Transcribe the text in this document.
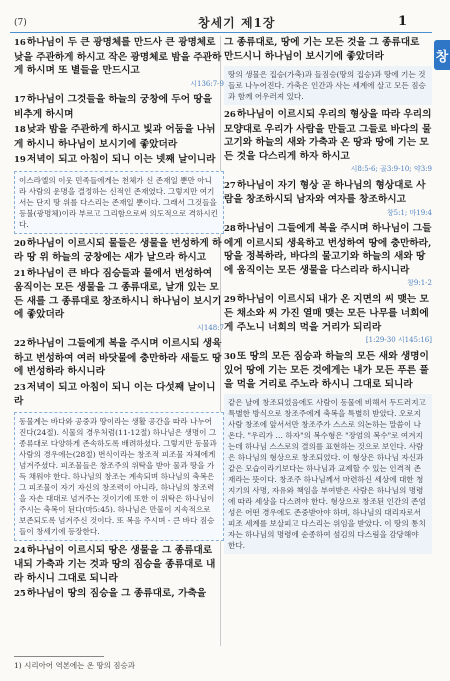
(7)	창세기 제1장	1
창

16하나님이 두 큰 광명체를 만드사 큰 광명체로 낮을 주관하게 하시고 작은 광명체로 밤을 주관하게 하시며 또 별들을 만드시고
시136:7-9

17하나님이 그것들을 하늘의 궁창에 두어 땅을 비추게 하시며

18낮과 밤을 주관하게 하시고 빛과 어둠을 나뉘게 하시니 하나님이 보시기에 좋았더라

19저녁이 되고 아침이 되니 이는 넷째 날이니라

이스라엘의 이웃 민족들에게는 천체가 신 존재일 뿐만 아니라 사람의 운명을 결정하는 신적인 존재였다. 그렇지만 여기서는 단지 땅 위를 다스리는 존재일 뿐이다. 그래서 그것들을 등불(광명체)이라 부르고 그리함으로써 의도적으로 격하시킨다.

20하나님이 이르시되 물들은 생물을 번성하게 하라 땅 위 하늘의 궁창에는 새가 날으라 하시고

21하나님이 큰 바다 짐승들과 물에서 번성하여 움직이는 모든 생물을 그 종류대로, 날개 있는 모든 새를 그 종류대로 창조하시니 하나님이 보시기에 좋았더라
시148:7

22하나님이 그들에게 복을 주시며 이르시되 생육하고 번성하여 여러 바닷물에 충만하라 새들도 땅에 번성하라 하시니라

23저녁이 되고 아침이 되니 이는 다섯째 날이니라

동물계는 바다와 공중과 땅이라는 생활 공간을 따라 나누어진다(24절). 식물의 경우처럼(11-12절) 하나님은 생명이 그 종류대로 다양하게 존속하도록 배려하셨다. 그렇지만 동물과 사람의 경우에는(28절) 번식이라는 창조적 피조물 자체에게 넘겨주셨다. 피조물들은 창조주의 위탁을 받아 물과 땅을 가득 채워야 한다. 하나님의 창조는 계속되며 하나님의 축복은 그 피조물이 자기 자신의 창조력이 아니라, 하나님의 창조력을 자손 대대로 넘겨주는 것이기에 또한 이 위탁은 하나님이 주시는 축복이 된다(마5:45). 하나님은 만물이 지속적으로 보존되도록 넘겨주신 것이다. 또 복음 주시며 - 큰 바다 짐승들이 창세기에 등장한다.

24하나님이 이르시되 땅은 생물을 그 종류대로 내되 가축과 기는 것과 땅의 짐승을 종류대로 내라 하시니 그대로 되니라

25하나님이 땅의 짐승을 그 종류대로, 가축을

그 종류대로, 땅에 기는 모든 것을 그 종류대로 만드시니 하나님이 보시기에 좋았더라

땅의 생물은 집승(가축)과 들짐승(땅의 집승)과 땅에 기는 것들로 나누어진다. 가축은 인간과 사는 세계에 살고 모든 짐승과 함께 어우러져 있다.

26하나님이 이르시되 우리의 형상을 따라 우리의 모양대로 우리가 사람을 만들고 그들로 바다의 물고기와 하늘의 새와 가축과 온 땅과 땅에 기는 모든 것을 다스리게 하자 하시고
시8:5-6; 골3:9-10; 약3:9

27하나님이 자기 형상 곧 하나님의 형상대로 사람을 창조하시되 남자와 여자를 창조하시고
창5:1; 마19:4

28하나님이 그들에게 복을 주시며 하나님이 그들에게 이르시되 생육하고 번성하여 땅에 충만하라, 땅을 정복하라, 바다의 물고기와 하늘의 새와 땅에 움직이는 모든 생물을 다스리라 하시니라
창9:1-2

29하나님이 이르시되 내가 온 지면의 씨 맺는 모든 채소와 씨 가진 열매 맺는 모든 나무를 너희에게 주노니 너희의 먹을 거리가 되리라
[1:29-30 시145:16]

30또 땅의 모든 짐승과 하늘의 모든 새와 생명이 있어 땅에 기는 모든 것에게는 내가 모든 푸른 풀을 먹을 거리로 주노라 하시니 그대로 되니라

같은 날에 창조되었음에도 사람이 동물에 비해서 두드러지고 특별한 방식으로 창조주에게 축복을 특별히 받았다. 오로지 사람 창조에 앞서서만 창조주가 스스로 의논하는 말씀이 나온다. "우리가 … 하자"의 복수형은 "장엄의 복수"로 여겨지는데 하나님 스스로의 결의를 표현하는 것으로 보인다. 사람은 하나님의 형상으로 창조되었다. 이 형상은 하나님 자신과 같은 모습이라기보다는 하나님과 교제할 수 있는 인격적 존재라는 뜻이다. 창조주 하나님께서 마련하신 세상에 대한 청지기의 사명, 자유와 책임을 부여받은 사람은 하나님의 명령에 따라 세상을 다스려야 한다. 형상으로 창조된 인간의 존엄성은 어떤 경우에도 존중받아야 하며, 하나님의 대리자로서 피조 세계를 보살피고 다스리는 위임을 받았다. 이 땅의 통치자는 하나님의 명령에 순종하여 섬김의 다스림을 감당해야 한다.
1) 시리아어 역본에는 온 땅의 짐승과
